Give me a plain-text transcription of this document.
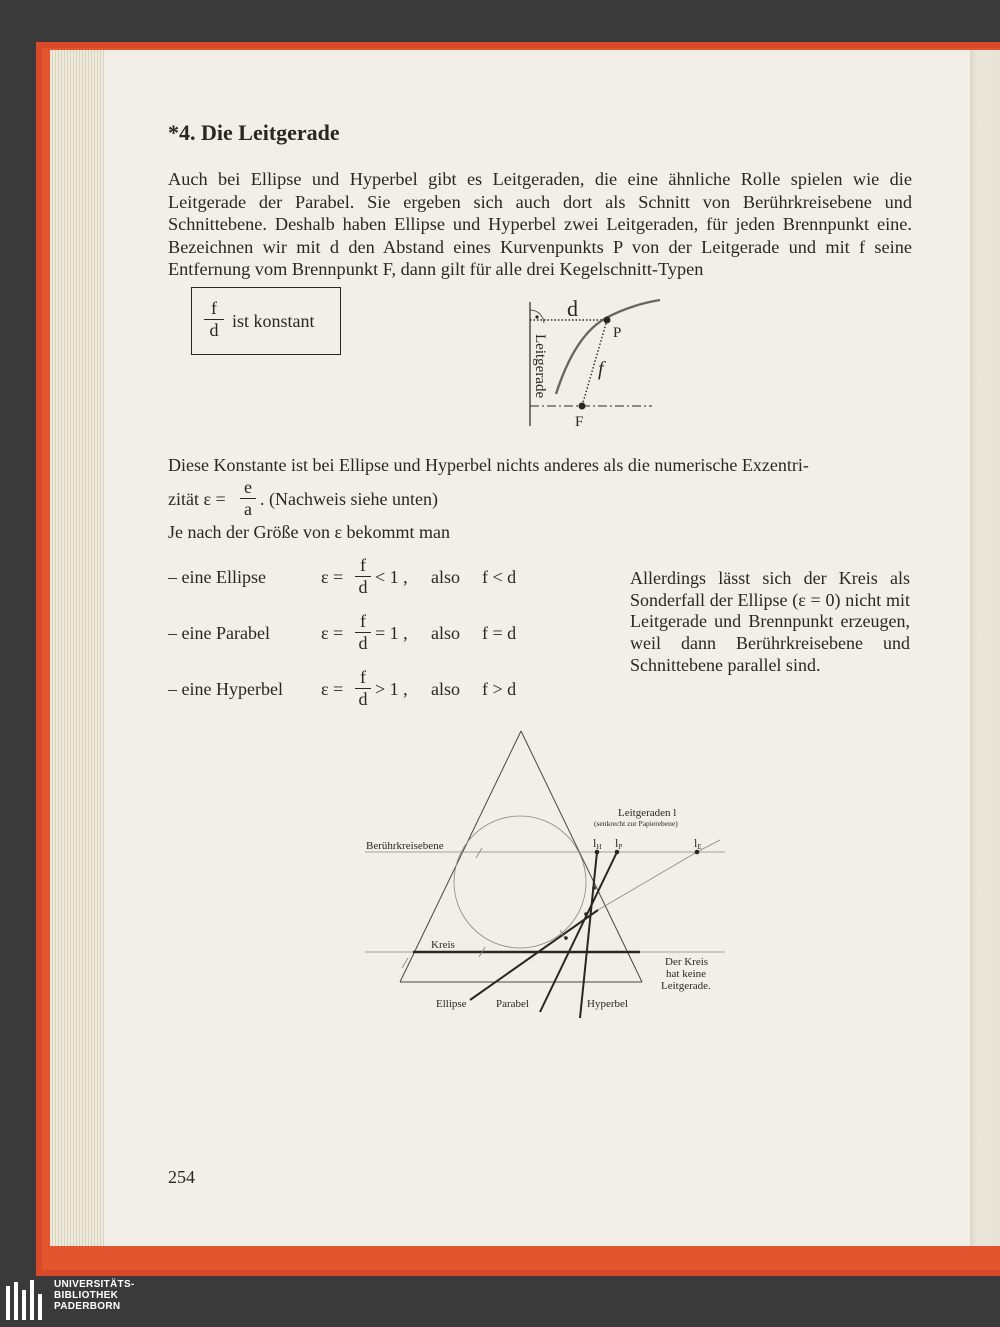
*4. Die Leitgerade
Auch bei Ellipse und Hyperbel gibt es Leitgeraden, die eine ähnliche Rolle spielen wie die Leitgerade der Parabel. Sie ergeben sich auch dort als Schnitt von Berührkreisebene und Schnittebene. Deshalb haben Ellipse und Hyperbel zwei Leitgeraden, für jeden Brennpunkt eine. Bezeichnen wir mit d den Abstand eines Kurvenpunkts P von der Leitgerade und mit f seine Entfernung vom Brennpunkt F, dann gilt für alle drei Kegelschnitt-Typen
$\frac{f}{d}$ ist konstant	d
P
f
F
Leitgerade
Diese Konstante ist bei Ellipse und Hyperbel nichts anderes als die numerische Exzentri-
zität $\varepsilon = \frac{e}{a}$ . (Nachweis siehe unten)
Je nach der Größe von ε bekommt man
– eine Ellipse	$\varepsilon = \frac{f}{d} < 1$ , also f < d
– eine Parabel	$\varepsilon = \frac{f}{d} = 1$ , also f = d
– eine Hyperbel $\varepsilon = \frac{f}{d} > 1$ , also f > d
Allerdings lässt sich der Kreis als Sonderfall der Ellipse (ε = 0) nicht mit Leitgerade und Brennpunkt erzeugen, weil dann Berührkreisebene und Schnittebene parallel sind.
Leitgeraden l
(senkrecht zur Papierebene)
Berührkreisebene
Kreis
lH lP	lE
Der Kreis
hat keine
Leitgerade.
Ellipse	Parabel	Hyperbel
254
UNIVERSITÄTS-
BIBLIOTHEK
PADERBORN
